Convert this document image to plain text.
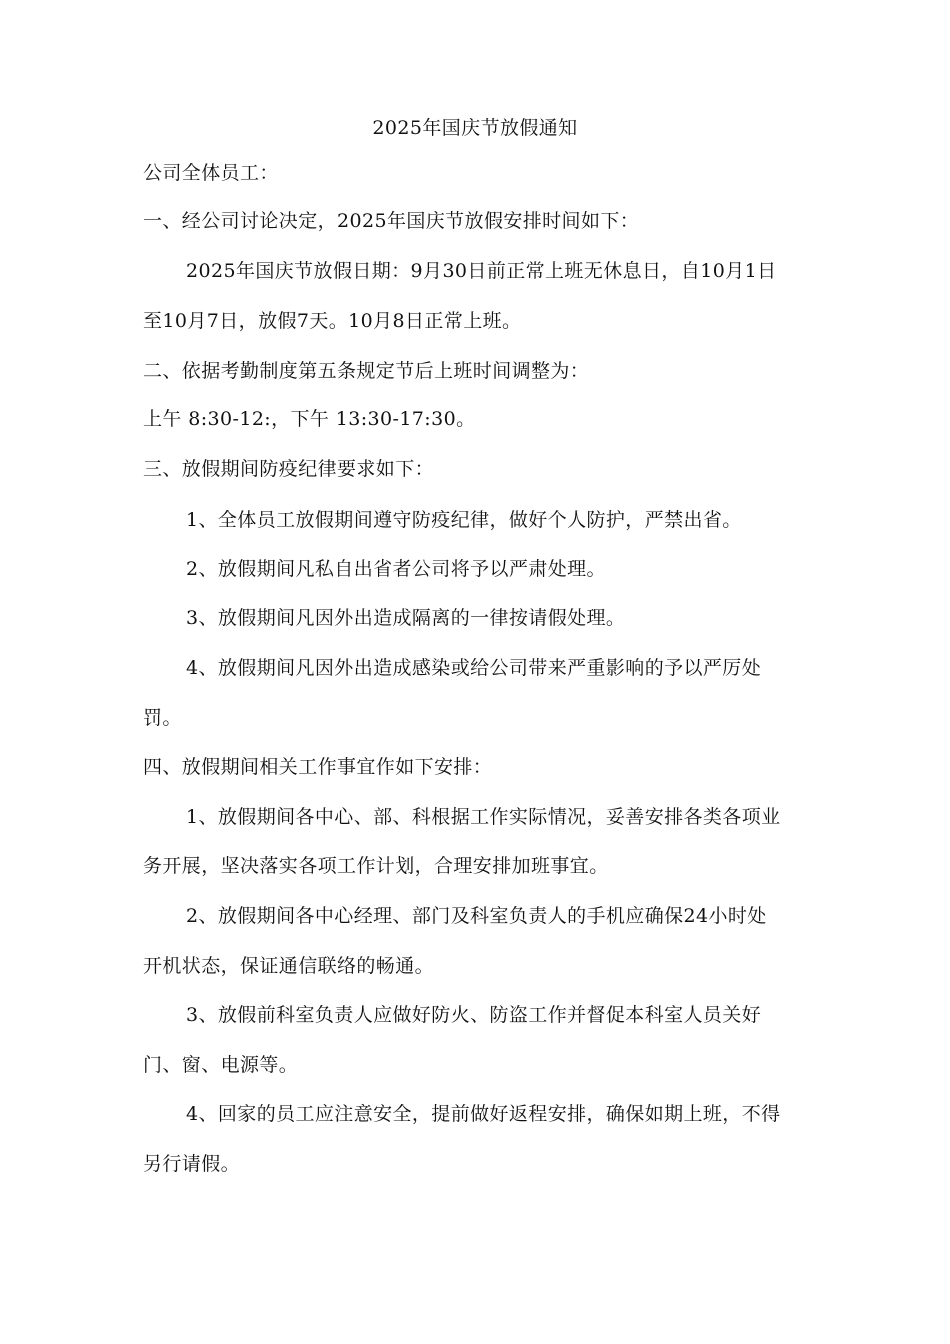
2025年国庆节放假通知
公司全体员工：
一、经公司讨论决定，2025年国庆节放假安排时间如下：
2025年国庆节放假日期：9月30日前正常上班无休息日，自10月1日
至10月7日，放假7天。10月8日正常上班。
二、依据考勤制度第五条规定节后上班时间调整为：
上午 8:30-12:，下午 13:30-17:30。
三、放假期间防疫纪律要求如下：
1、全体员工放假期间遵守防疫纪律，做好个人防护，严禁出省。
2、放假期间凡私自出省者公司将予以严肃处理。
3、放假期间凡因外出造成隔离的一律按请假处理。
4、放假期间凡因外出造成感染或给公司带来严重影响的予以严厉处
罚。
四、放假期间相关工作事宜作如下安排：
1、放假期间各中心、部、科根据工作实际情况，妥善安排各类各项业
务开展，坚决落实各项工作计划，合理安排加班事宜。
2、放假期间各中心经理、部门及科室负责人的手机应确保24小时处
开机状态，保证通信联络的畅通。
3、放假前科室负责人应做好防火、防盗工作并督促本科室人员关好
门、窗、电源等。
4、回家的员工应注意安全，提前做好返程安排，确保如期上班，不得
另行请假。
